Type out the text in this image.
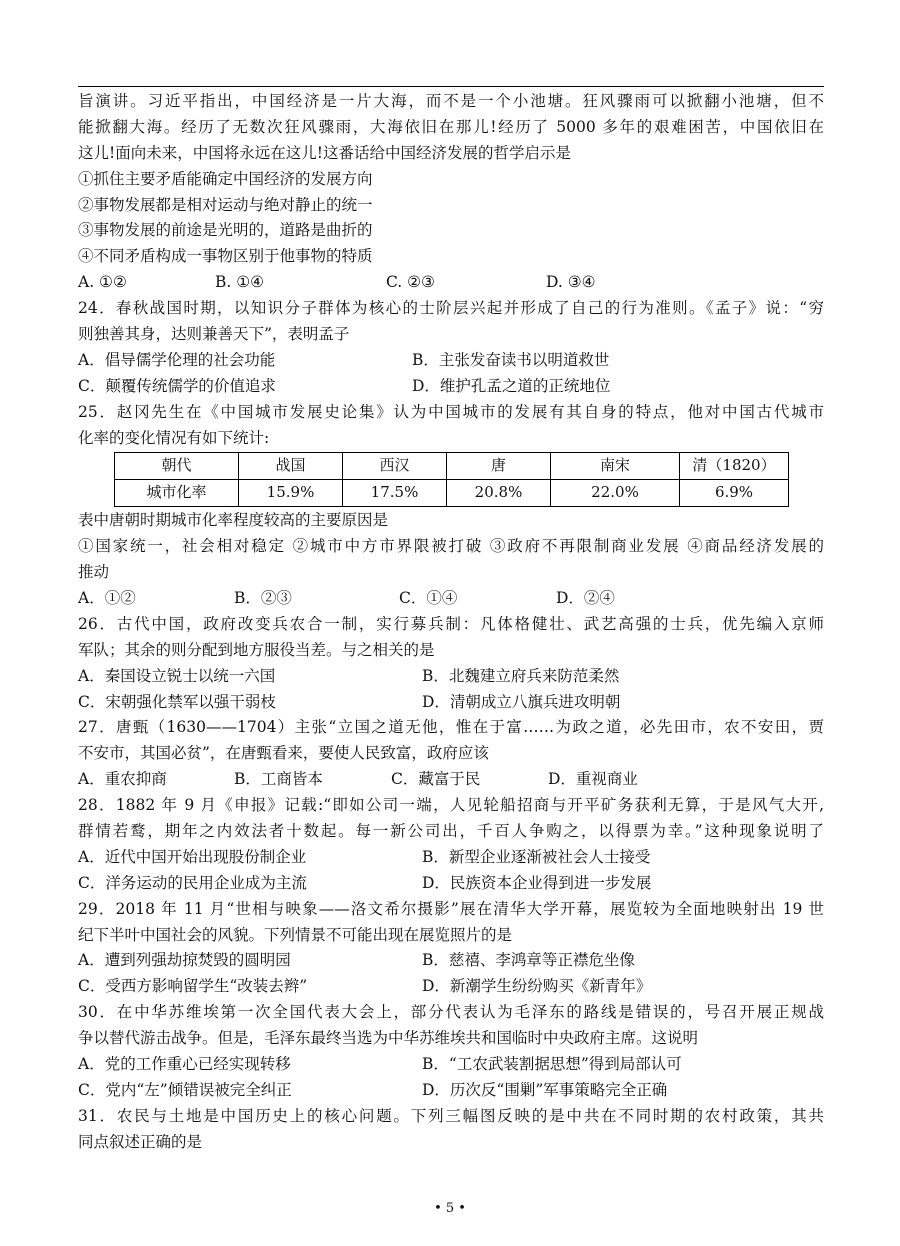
旨演讲。习近平指出，中国经济是一片大海，而不是一个小池塘。狂风骤雨可以掀翻小池塘，但不
能掀翻大海。经历了无数次狂风骤雨，大海依旧在那儿!经历了 5000 多年的艰难困苦，中国依旧在
这儿!面向未来，中国将永远在这儿!这番话给中国经济发展的哲学启示是
①抓住主要矛盾能确定中国经济的发展方向
②事物发展都是相对运动与绝对静止的统一
③事物发展的前途是光明的，道路是曲折的
④不同矛盾构成一事物区别于他事物的特质
A. ①②	B. ①④	C. ②③	D. ③④
24．春秋战国时期，以知识分子群体为核心的士阶层兴起并形成了自己的行为准则。《孟子》说：“穷
则独善其身，达则兼善天下”，表明孟子
A．倡导儒学伦理的社会功能	B．主张发奋读书以明道救世
C．颠覆传统儒学的价值追求	D．维护孔孟之道的正统地位
25．赵冈先生在《中国城市发展史论集》认为中国城市的发展有其自身的特点，他对中国古代城市
化率的变化情况有如下统计:
朝代	战国	西汉	唐	南宋	清（1820）
城市化率	15.9%	17.5%	20.8%	22.0%	6.9%
表中唐朝时期城市化率程度较高的主要原因是
①国家统一，社会相对稳定 ②城市中方市界限被打破 ③政府不再限制商业发展 ④商品经济发展的
推动
A．①②	B．②③	C．①④	D．②④
26．古代中国，政府改变兵农合一制，实行募兵制：凡体格健壮、武艺高强的士兵，优先编入京师
军队；其余的则分配到地方服役当差。与之相关的是
A．秦国设立锐士以统一六国	B．北魏建立府兵来防范柔然
C．宋朝强化禁军以强干弱枝	D．清朝成立八旗兵进攻明朝
27．唐甄（1630——1704）主张“立国之道无他，惟在于富……为政之道，必先田市，农不安田，贾
不安市，其国必贫”，在唐甄看来，要使人民致富，政府应该
A．重农抑商	B．工商皆本	C．藏富于民	D．重视商业
28．1882 年 9 月《申报》记载:“即如公司一端，人见轮船招商与开平矿务获利无算，于是风气大开,
群情若鹜，期年之内效法者十数起。每一新公司出，千百人争购之，以得票为幸。”这种现象说明了
A．近代中国开始出现股份制企业	B．新型企业逐渐被社会人士接受
C．洋务运动的民用企业成为主流	D．民族资本企业得到进一步发展
29．2018 年 11 月“世相与映象——洛文希尔摄影”展在清华大学开幕，展览较为全面地映射出 19 世
纪下半叶中国社会的风貌。下列情景不可能出现在展览照片的是
A．遭到列强劫掠焚毁的圆明园	B．慈禧、李鸿章等正襟危坐像
C．受西方影响留学生“改装去辫”	D．新潮学生纷纷购买《新青年》
30．在中华苏维埃第一次全国代表大会上，部分代表认为毛泽东的路线是错误的，号召开展正规战
争以替代游击战争。但是，毛泽东最终当选为中华苏维埃共和国临时中央政府主席。这说明
A．党的工作重心已经实现转移	B．“工农武装割据思想”得到局部认可
C．党内“左”倾错误被完全纠正	D．历次反“围剿”军事策略完全正确
31．农民与土地是中国历史上的核心问题。下列三幅图反映的是中共在不同时期的农村政策，其共
同点叙述正确的是
• 5 •
